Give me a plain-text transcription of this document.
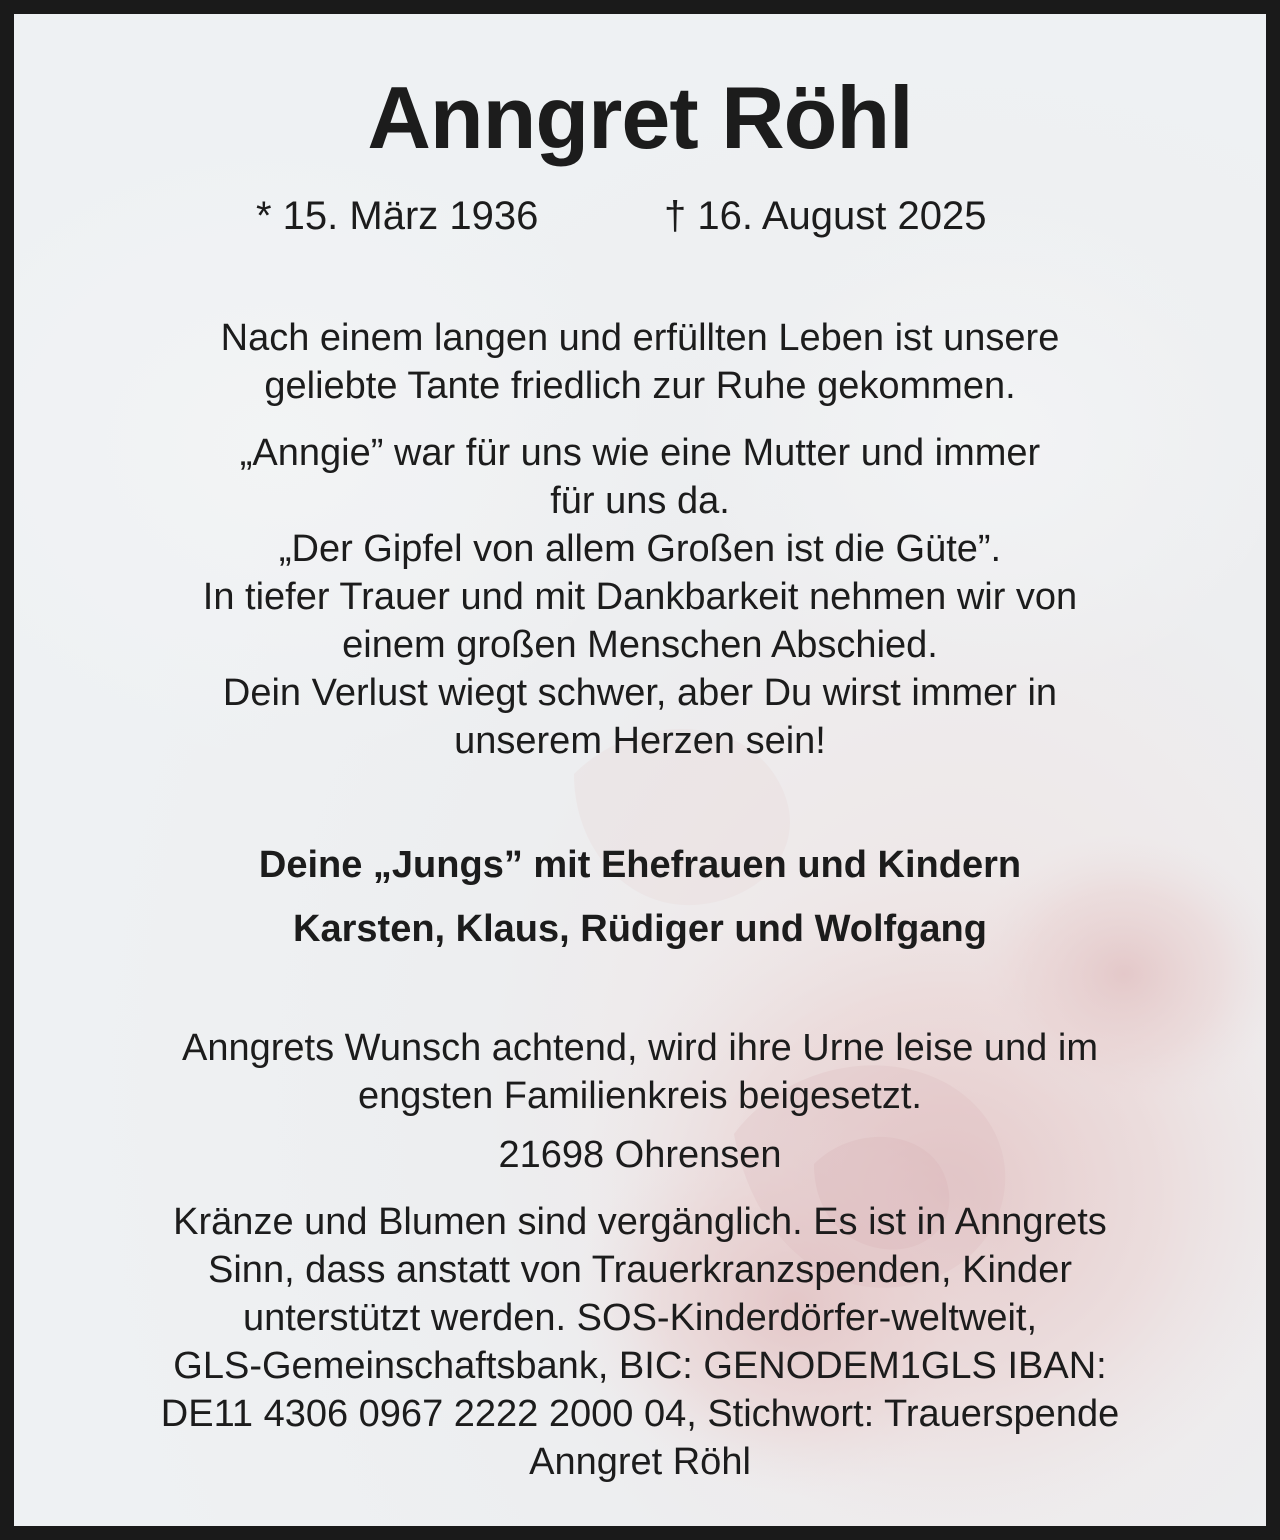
Anngret Röhl
* 15. März 1936	† 16. August 2025
Nach einem langen und erfüllten Leben ist unsere
geliebte Tante friedlich zur Ruhe gekommen.
„Anngie” war für uns wie eine Mutter und immer
für uns da.
„Der Gipfel von allem Großen ist die Güte”.
In tiefer Trauer und mit Dankbarkeit nehmen wir von
einem großen Menschen Abschied.
Dein Verlust wiegt schwer, aber Du wirst immer in
unserem Herzen sein!
Deine „Jungs” mit Ehefrauen und Kindern
Karsten, Klaus, Rüdiger und Wolfgang
Anngrets Wunsch achtend, wird ihre Urne leise und im
engsten Familienkreis beigesetzt.
21698 Ohrensen
Kränze und Blumen sind vergänglich. Es ist in Anngrets
Sinn, dass anstatt von Trauerkranzspenden, Kinder
unterstützt werden. SOS-Kinderdörfer-weltweit,
GLS-Gemeinschaftsbank, BIC: GENODEM1GLS IBAN:
DE11 4306 0967 2222 2000 04, Stichwort: Trauerspende
Anngret Röhl
